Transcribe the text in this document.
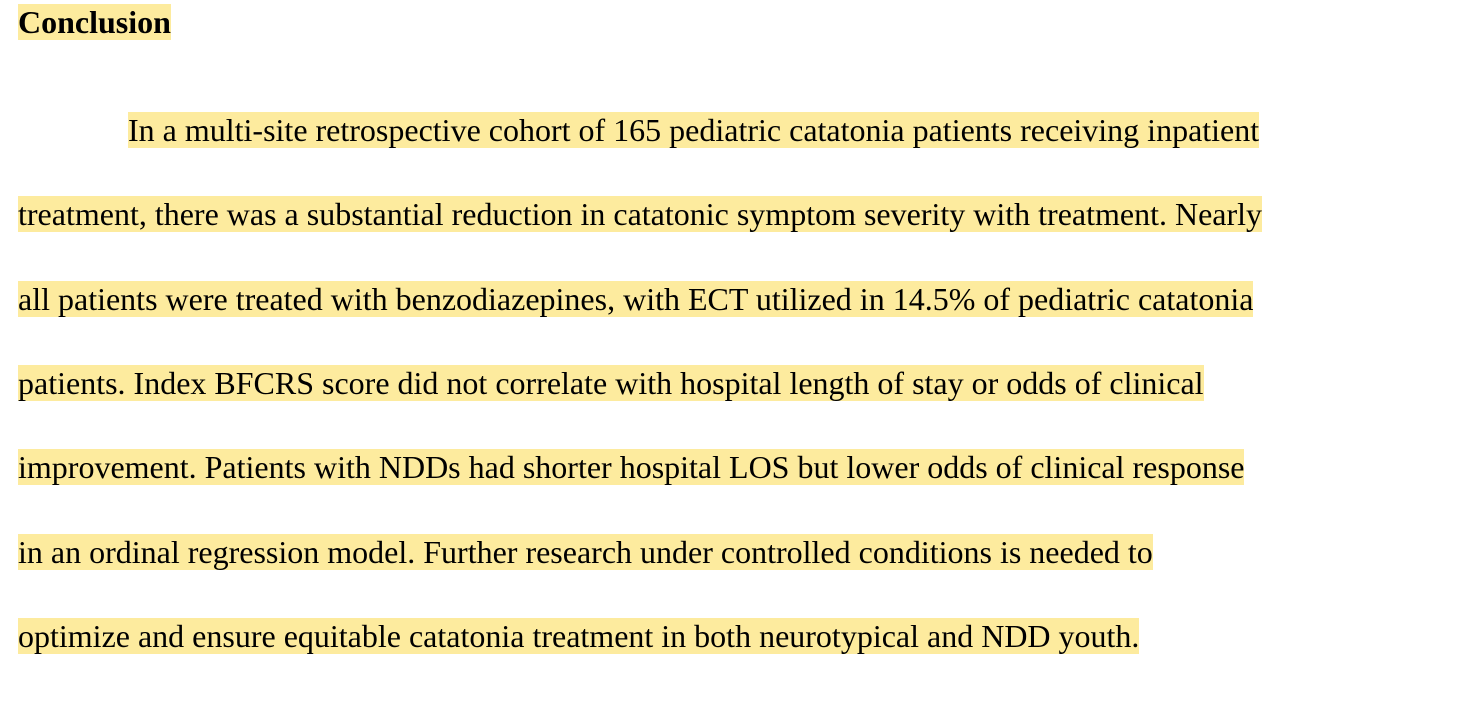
Conclusion

In a multi-site retrospective cohort of 165 pediatric catatonia patients receiving inpatient

treatment, there was a substantial reduction in catatonic symptom severity with treatment. Nearly

all patients were treated with benzodiazepines, with ECT utilized in 14.5% of pediatric catatonia

patients. Index BFCRS score did not correlate with hospital length of stay or odds of clinical

improvement. Patients with NDDs had shorter hospital LOS but lower odds of clinical response

in an ordinal regression model. Further research under controlled conditions is needed to

optimize and ensure equitable catatonia treatment in both neurotypical and NDD youth.
